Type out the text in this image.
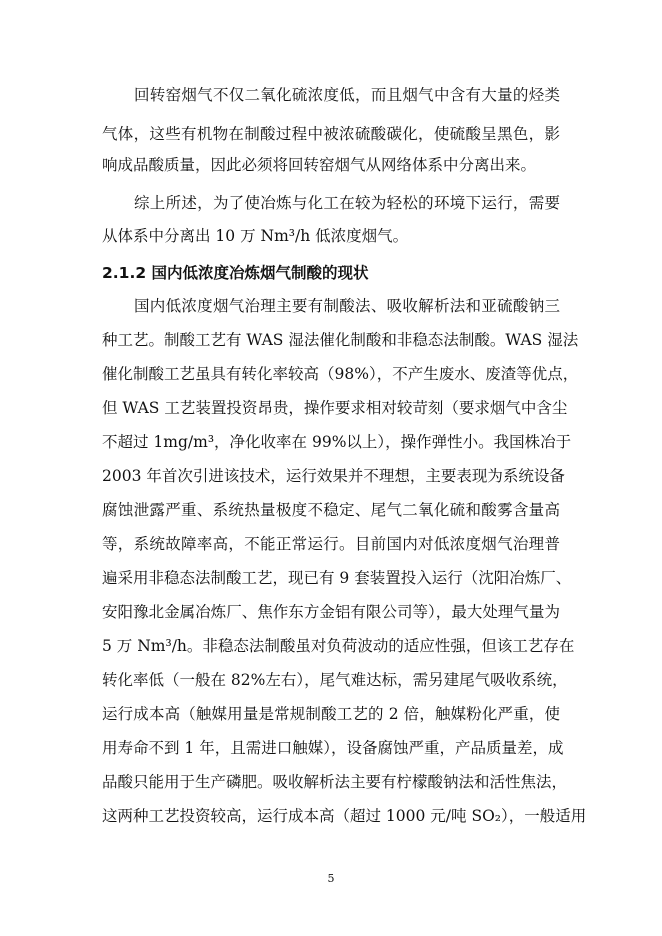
回转窑烟气不仅二氧化硫浓度低，而且烟气中含有大量的烃类
气体，这些有机物在制酸过程中被浓硫酸碳化，使硫酸呈黑色，影
响成品酸质量，因此必须将回转窑烟气从网络体系中分离出来。
综上所述，为了使冶炼与化工在较为轻松的环境下运行，需要
从体系中分离出 10 万 Nm³/h 低浓度烟气。
2.1.2 国内低浓度冶炼烟气制酸的现状
国内低浓度烟气治理主要有制酸法、吸收解析法和亚硫酸钠三
种工艺。制酸工艺有 WAS 湿法催化制酸和非稳态法制酸。WAS 湿法
催化制酸工艺虽具有转化率较高（98%），不产生废水、废渣等优点，
但 WAS 工艺装置投资昂贵，操作要求相对较苛刻（要求烟气中含尘
不超过 1mg/m³，净化收率在 99%以上），操作弹性小。我国株冶于
2003 年首次引进该技术，运行效果并不理想，主要表现为系统设备
腐蚀泄露严重、系统热量极度不稳定、尾气二氧化硫和酸雾含量高
等，系统故障率高，不能正常运行。目前国内对低浓度烟气治理普
遍采用非稳态法制酸工艺，现已有 9 套装置投入运行（沈阳冶炼厂、
安阳豫北金属冶炼厂、焦作东方金铝有限公司等），最大处理气量为
5 万 Nm³/h。非稳态法制酸虽对负荷波动的适应性强，但该工艺存在
转化率低（一般在 82%左右），尾气难达标，需另建尾气吸收系统，
运行成本高（触媒用量是常规制酸工艺的 2 倍，触媒粉化严重，使
用寿命不到 1 年，且需进口触媒），设备腐蚀严重，产品质量差，成
品酸只能用于生产磷肥。吸收解析法主要有柠檬酸钠法和活性焦法，
这两种工艺投资较高，运行成本高（超过 1000 元/吨 SO₂），一般适用
5
